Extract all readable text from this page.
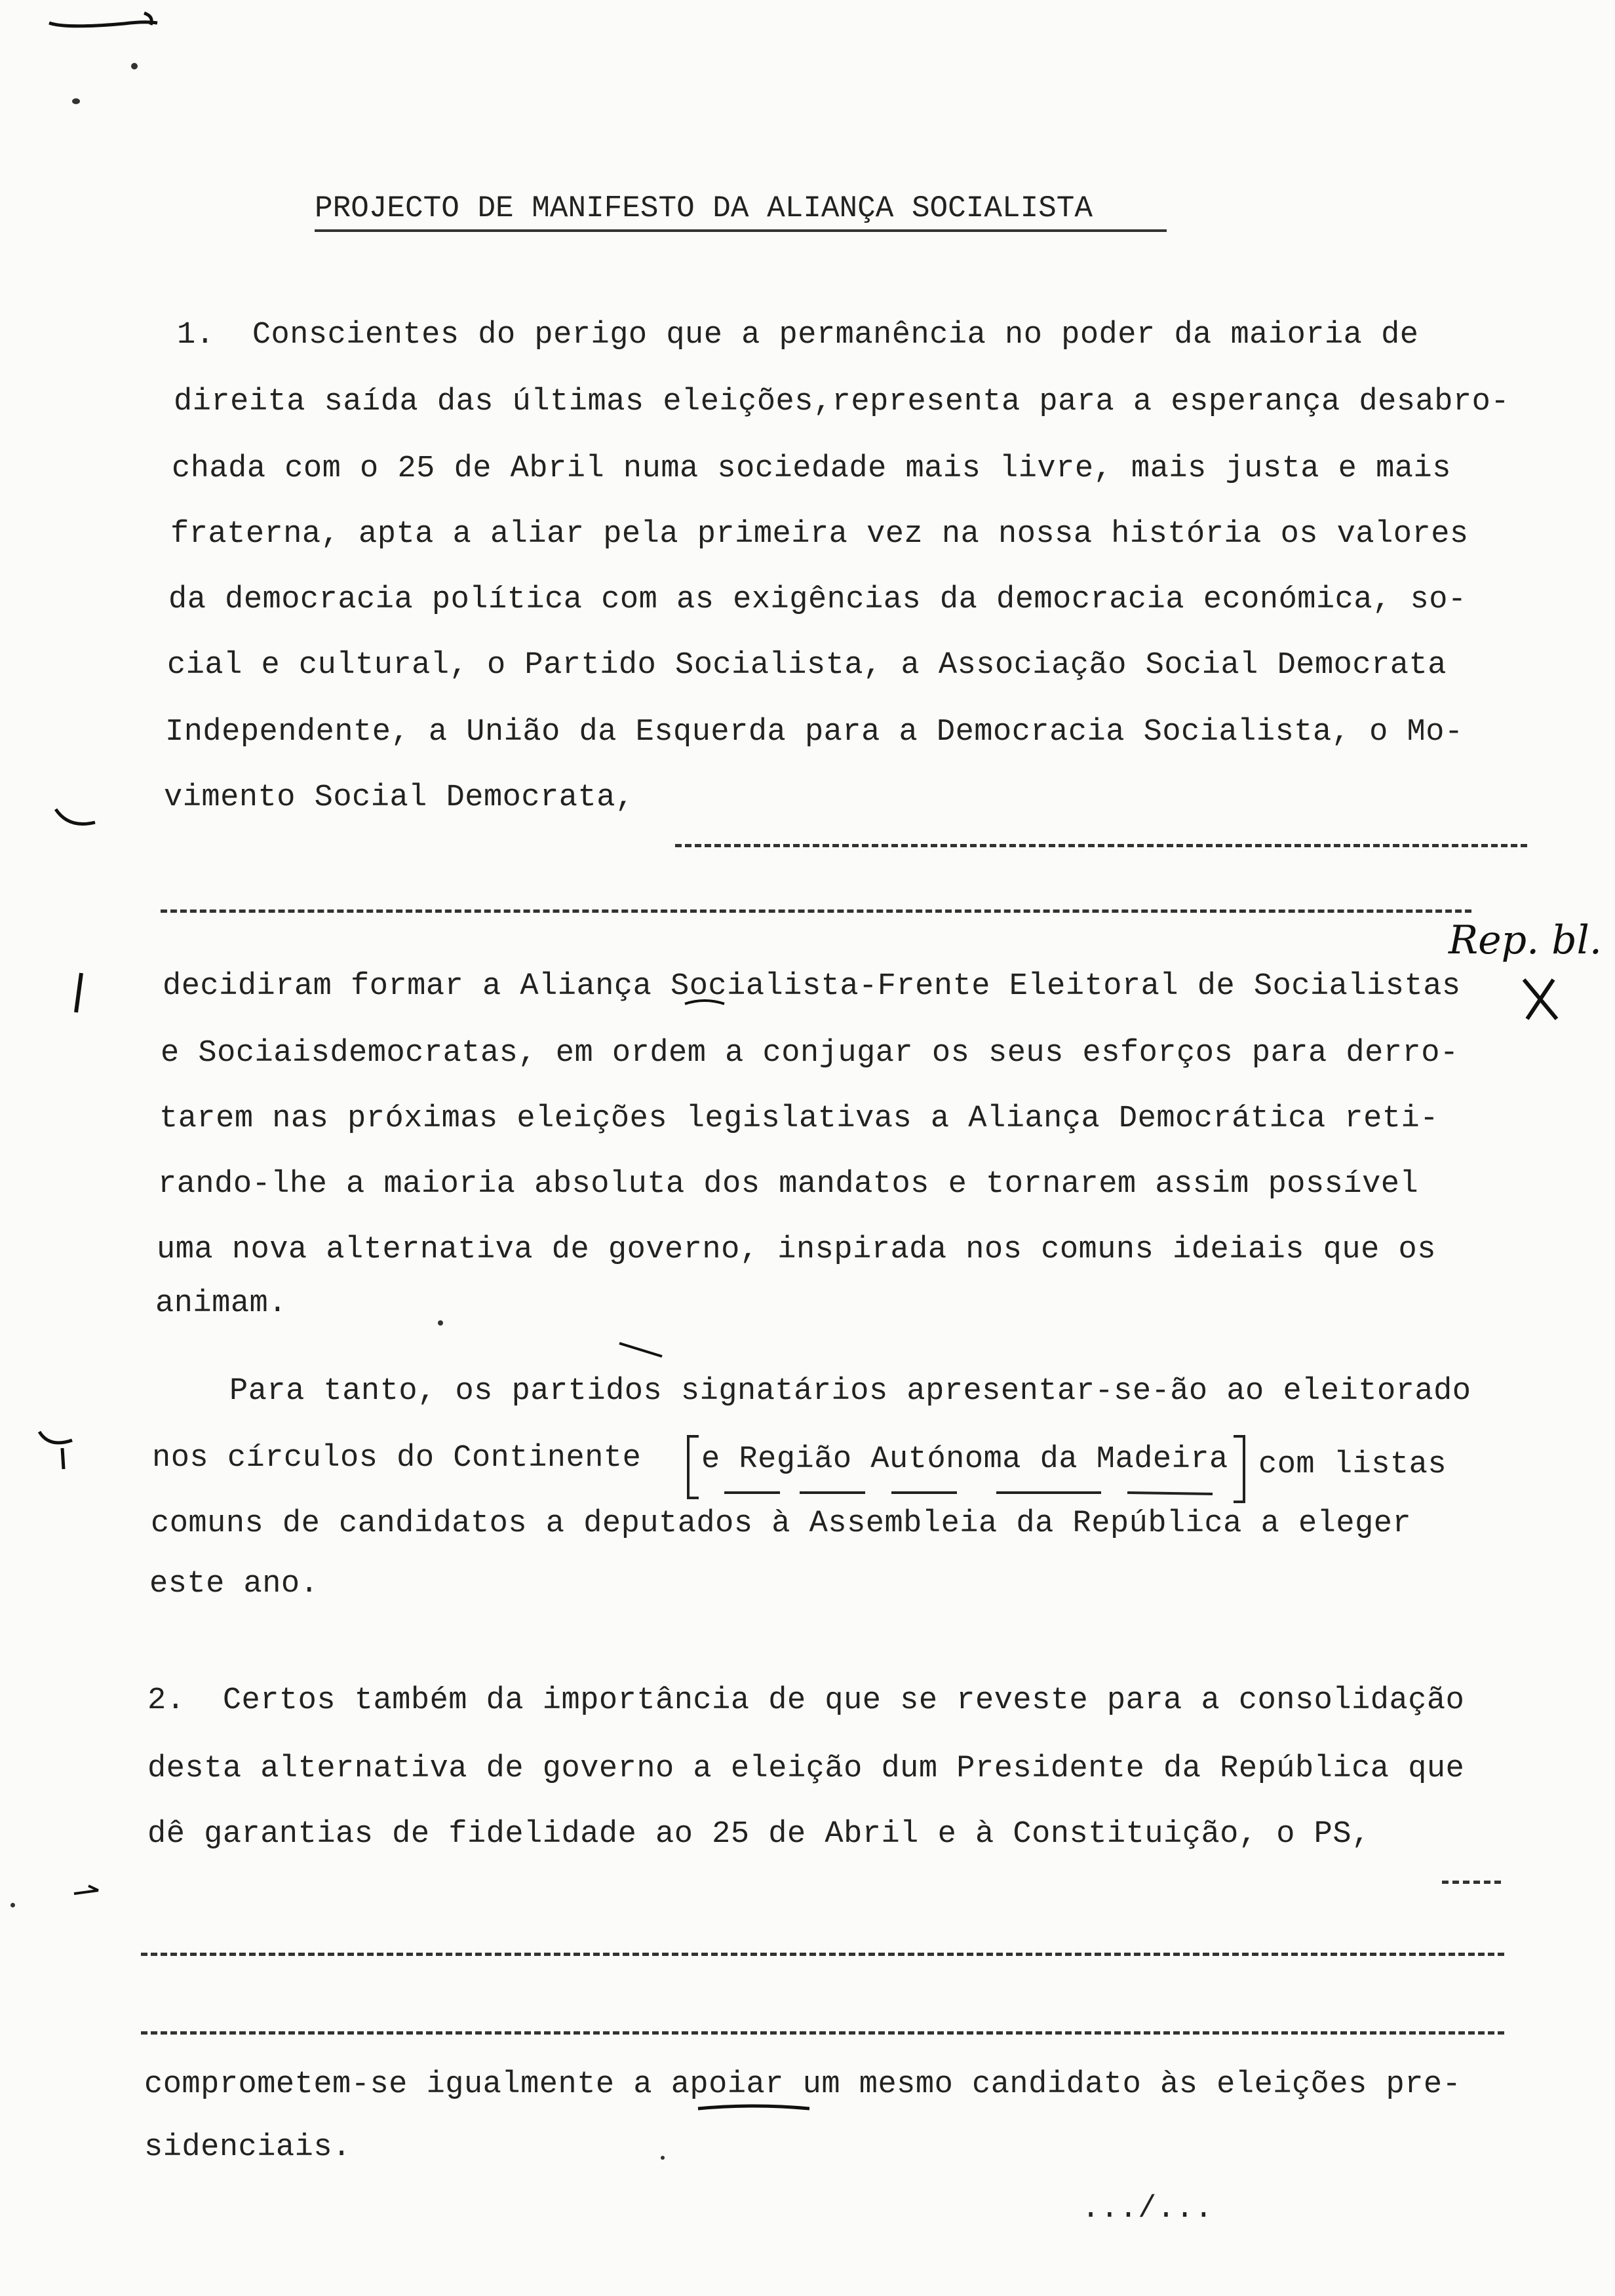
PROJECTO DE MANIFESTO DA ALIANÇA SOCIALISTA
1.  Conscientes do perigo que a permanência no poder da maioria de
direita saída das últimas eleições,representa para a esperança desabro-
chada com o 25 de Abril numa sociedade mais livre, mais justa e mais
fraterna, apta a aliar pela primeira vez na nossa história os valores
da democracia política com as exigências da democracia económica, so-
cial e cultural, o Partido Socialista, a Associação Social Democrata
Independente, a União da Esquerda para a Democracia Socialista, o Mo-
vimento Social Democrata,
decidiram formar a Aliança Socialista-Frente Eleitoral de Socialistas
e Sociaisdemocratas, em ordem a conjugar os seus esforços para derro-
tarem nas próximas eleições legislativas a Aliança Democrática reti-
rando-lhe a maioria absoluta dos mandatos e tornarem assim possível
uma nova alternativa de governo, inspirada nos comuns ideiais que os
animam.
Para tanto, os partidos signatários apresentar-se-ão ao eleitorado
nos círculos do Continente e Região Autónoma da Madeira com listas
comuns de candidatos a deputados à Assembleia da República a eleger
este ano.
2.  Certos também da importância de que se reveste para a consolidação
desta alternativa de governo a eleição dum Presidente da República que
dê garantias de fidelidade ao 25 de Abril e à Constituição, o PS,
comprometem-se igualmente a apoiar um mesmo candidato às eleições pre-
sidenciais.
.../...
Rep. bl.
